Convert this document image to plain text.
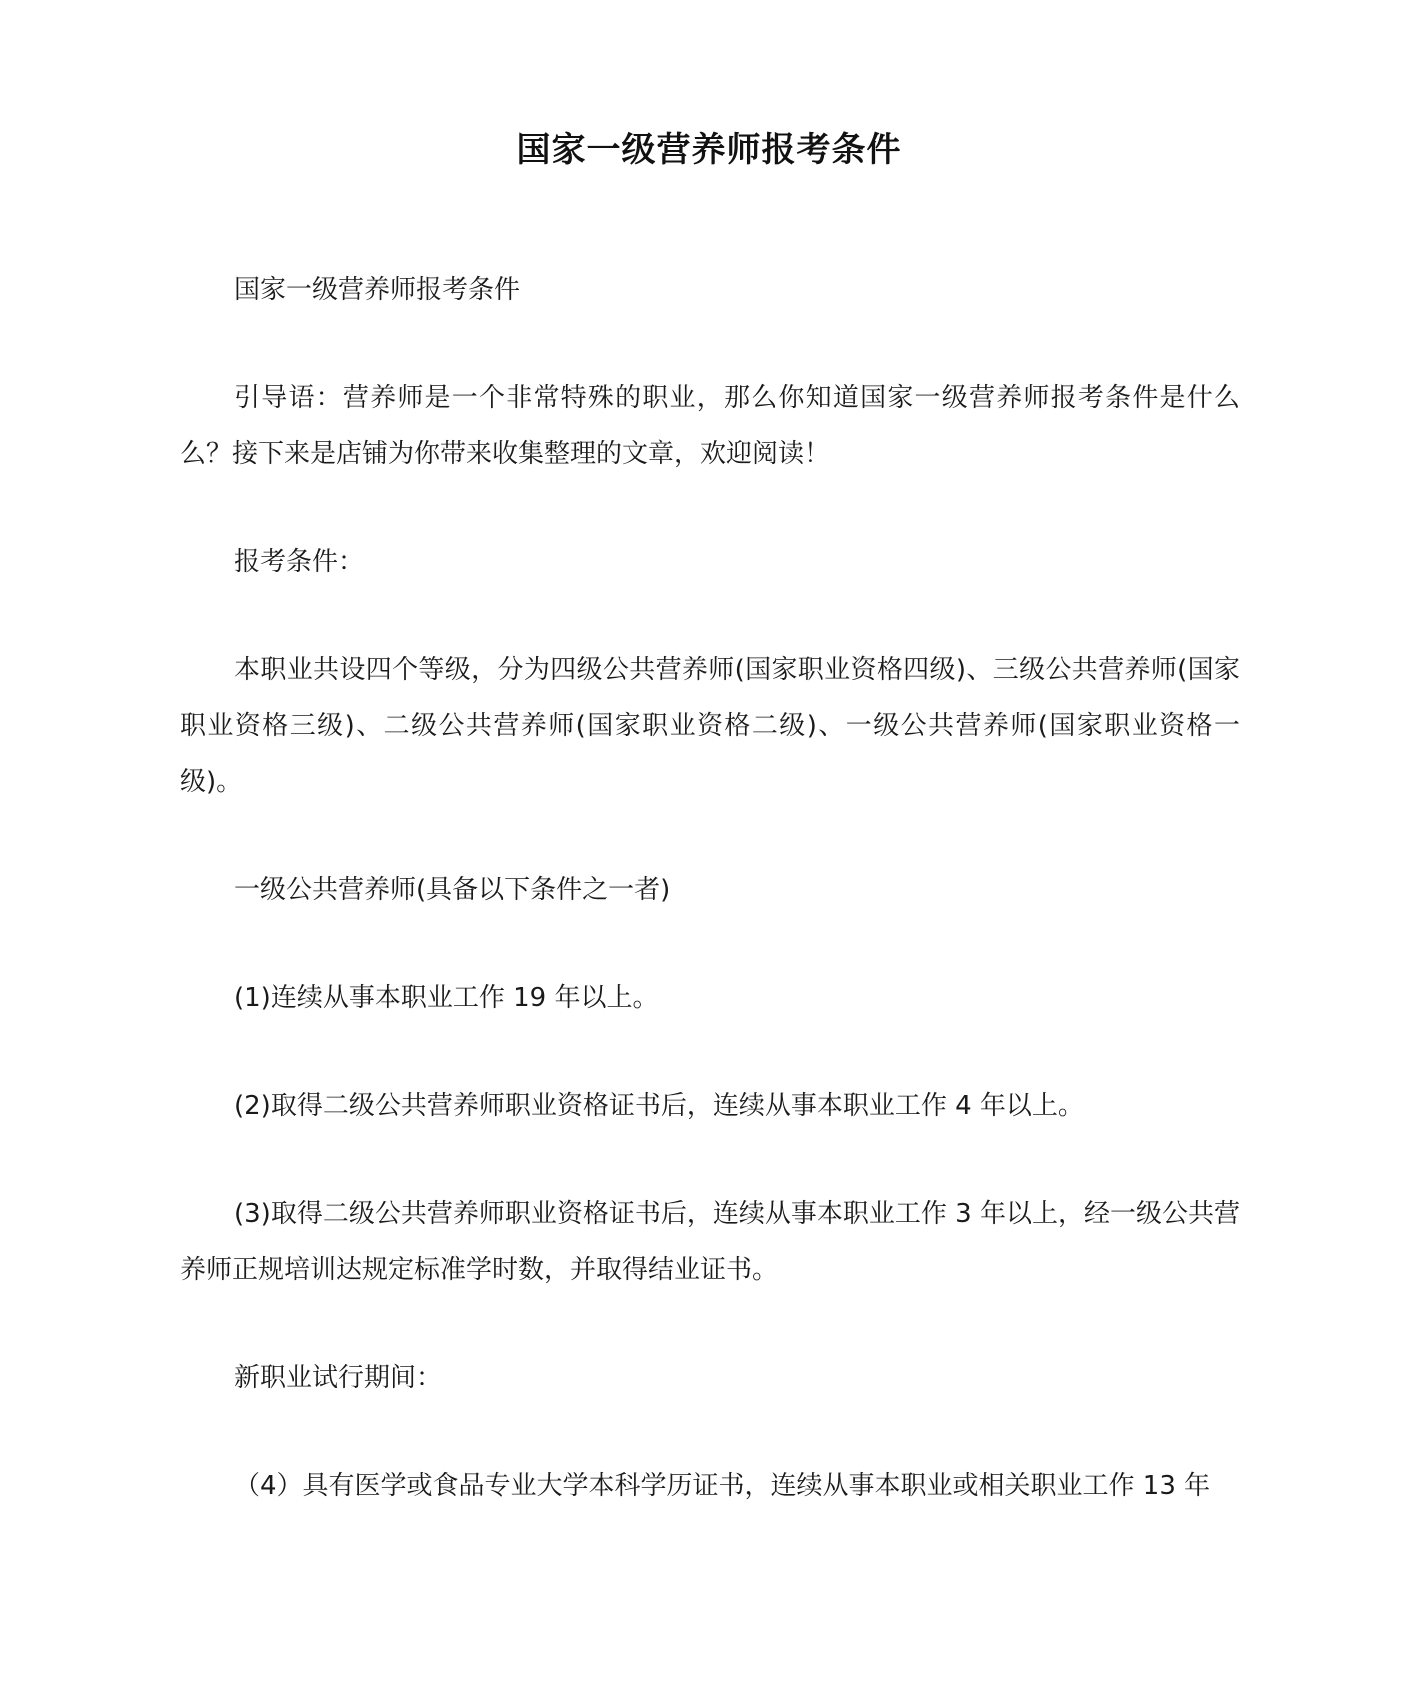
国家一级营养师报考条件

国家一级营养师报考条件

引导语：营养师是一个非常特殊的职业，那么你知道国家一级营养师报考条件是什么么？接下来是店铺为你带来收集整理的文章，欢迎阅读！

报考条件：

本职业共设四个等级，分为四级公共营养师(国家职业资格四级)、三级公共营养师(国家职业资格三级)、二级公共营养师(国家职业资格二级)、一级公共营养师(国家职业资格一级)。

一级公共营养师(具备以下条件之一者)

(1)连续从事本职业工作 19 年以上。

(2)取得二级公共营养师职业资格证书后，连续从事本职业工作 4 年以上。

(3)取得二级公共营养师职业资格证书后，连续从事本职业工作 3 年以上，经一级公共营养师正规培训达规定标准学时数，并取得结业证书。

新职业试行期间：

（4）具有医学或食品专业大学本科学历证书，连续从事本职业或相关职业工作 13 年
